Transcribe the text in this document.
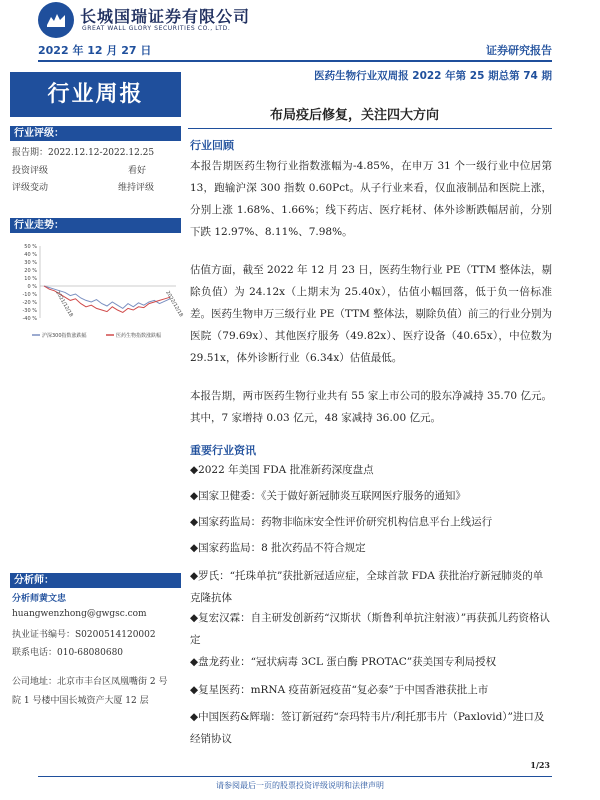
长城国瑞证券有限公司
GREAT WALL GLORY SECURITIES CO., LTD.
2022 年 12 月 27 日	证券研究报告
行业周报
行业评级：
报告期：2022.12.12-2022.12.25
投资评级	看好
评级变动	维持评级
行业走势：
50 %
40 %
30 %
20 %
10 %
0 %
-10 %
-20 %
-30 %
-40 %
2021/12/18	2022/12/18
沪深300指数涨跌幅	医药生物指数涨跌幅
分析师：
分析师黄文忠
huangwenzhong@gwgsc.com
执业证书编号：S0200514120002
联系电话：010-68080680
公司地址：北京市丰台区凤凰嘴街 2 号院 1 号楼中国长城资产大厦 12 层
医药生物行业双周报 2022 年第 25 期总第 74 期
布局疫后修复，关注四大方向
行业回顾

本报告期医药生物行业指数涨幅为-4.85%，在申万 31 个一级行业中位居第 13，跑输沪深 300 指数 0.60Pct。从子行业来看，仅血液制品和医院上涨，分别上涨 1.68%、1.66%；线下药店、医疗耗材、体外诊断跌幅居前，分别下跌 12.97%、8.11%、7.98%。

估值方面，截至 2022 年 12 月 23 日，医药生物行业 PE（TTM 整体法，剔除负值）为 24.12x（上期末为 25.40x），估值小幅回落，低于负一倍标准差。医药生物申万三级行业 PE（TTM 整体法，剔除负值）前三的行业分别为医院（79.69x）、其他医疗服务（49.82x）、医疗设备（40.65x），中位数为 29.51x，体外诊断行业（6.34x）估值最低。

本报告期，两市医药生物行业共有 55 家上市公司的股东净减持 35.70 亿元。其中，7 家增持 0.03 亿元，48 家减持 36.00 亿元。

重要行业资讯

◆2022 年美国 FDA 批准新药深度盘点

◆国家卫健委：《关于做好新冠肺炎互联网医疗服务的通知》

◆国家药监局：药物非临床安全性评价研究机构信息平台上线运行

◆国家药监局：8 批次药品不符合规定

◆罗氏：“托珠单抗”获批新冠适应症，全球首款 FDA 获批治疗新冠肺炎的单克隆抗体

◆复宏汉霖：自主研发创新药“汉斯状（斯鲁利单抗注射液）”再获孤儿药资格认定

◆盘龙药业：“冠状病毒 3CL 蛋白酶 PROTAC”获美国专利局授权

◆复星医药：mRNA 疫苗新冠疫苗“复必泰”于中国香港获批上市

◆中国医药&辉瑞：签订新冠药“奈玛特韦片/利托那韦片（Paxlovid）”进口及经销协议

1/23
请参阅最后一页的股票投资评级说明和法律声明
